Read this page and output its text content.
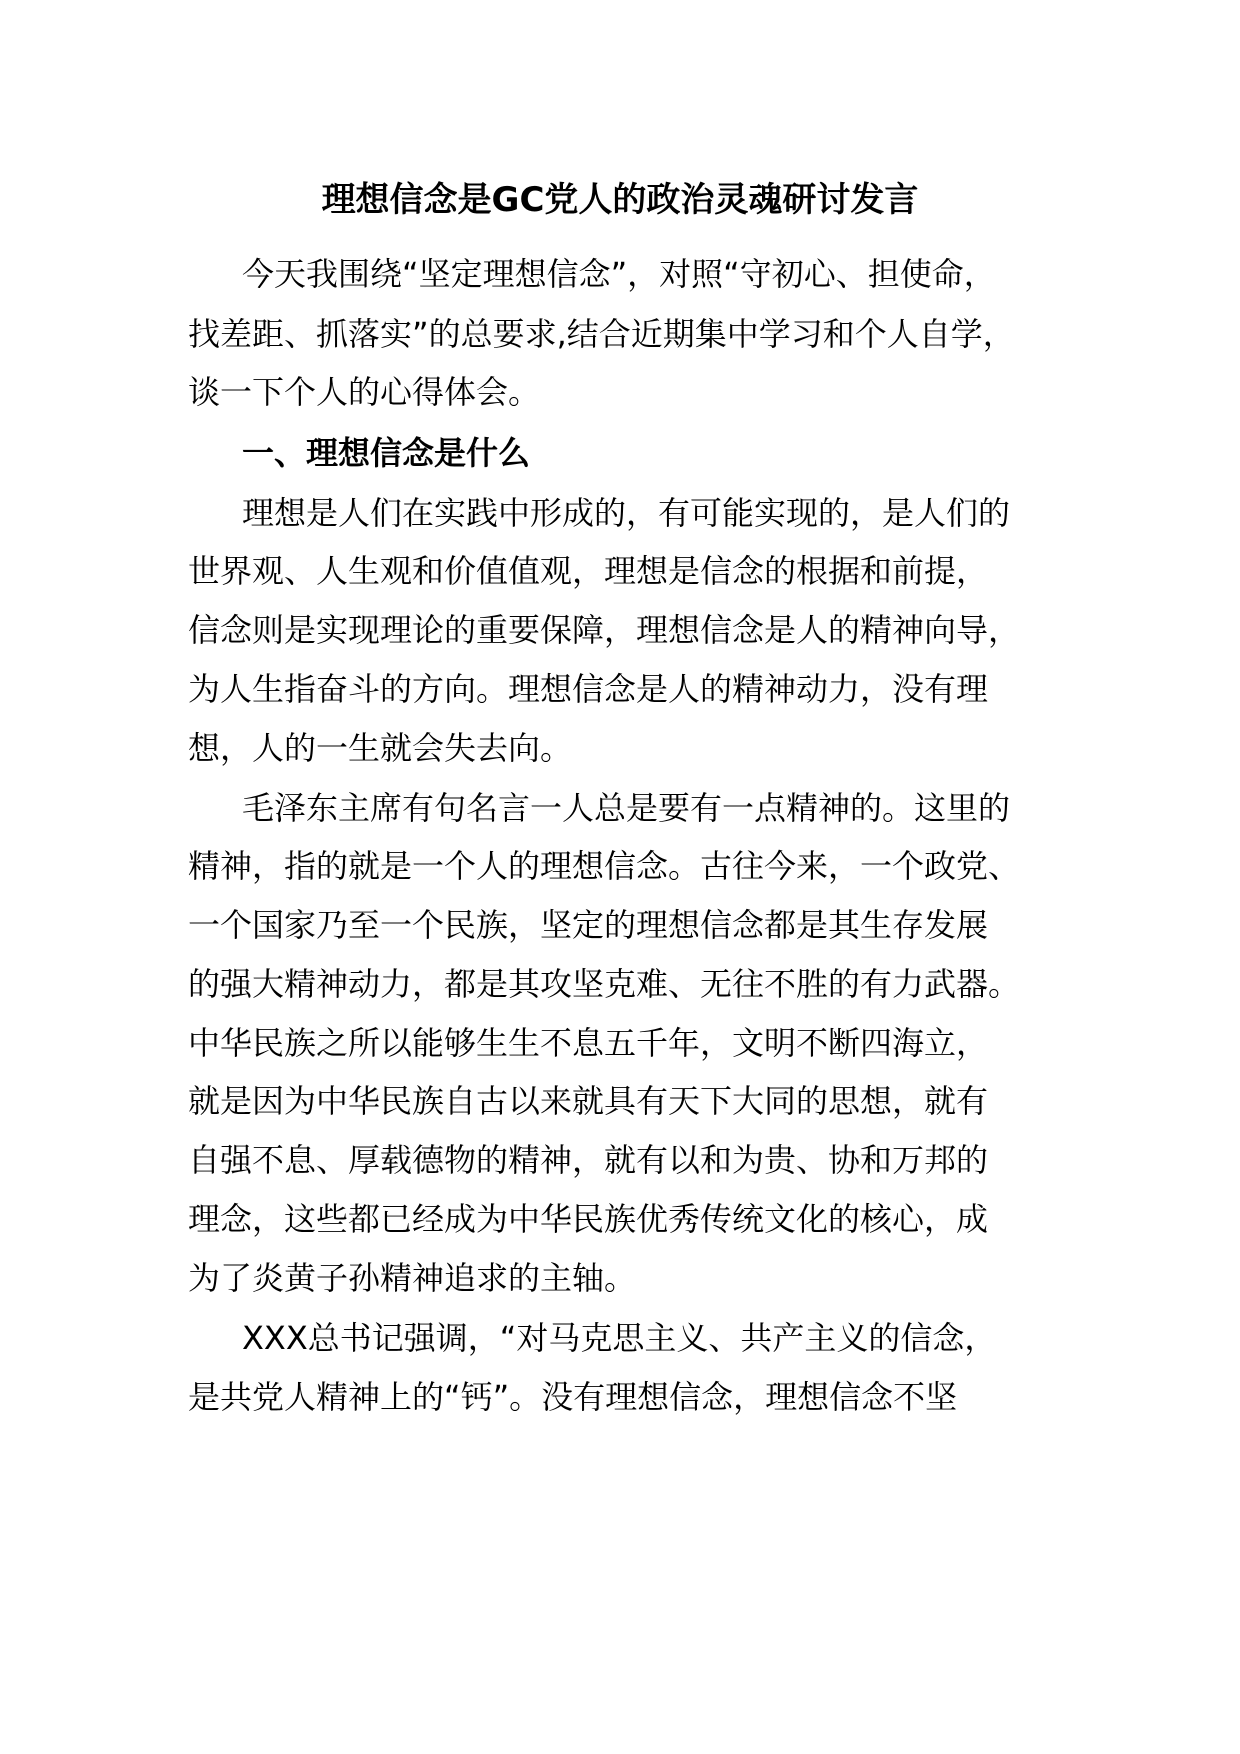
理想信念是GC党人的政治灵魂研讨发言
今天我围绕“坚定理想信念”，对照“守初心、担使命，
找差距、抓落实”的总要求,结合近期集中学习和个人自学，
谈一下个人的心得体会。
一、理想信念是什么
理想是人们在实践中形成的，有可能实现的，是人们的
世界观、人生观和价值值观，理想是信念的根据和前提，
信念则是实现理论的重要保障，理想信念是人的精神向导，
为人生指奋斗的方向。理想信念是人的精神动力，没有理
想，人的一生就会失去向。
毛泽东主席有句名言一人总是要有一点精神的。这里的
精神，指的就是一个人的理想信念。古往今来，一个政党、
一个国家乃至一个民族，坚定的理想信念都是其生存发展
的强大精神动力，都是其攻坚克难、无往不胜的有力武器。
中华民族之所以能够生生不息五千年，文明不断四海立，
就是因为中华民族自古以来就具有天下大同的思想，就有
自强不息、厚载德物的精神，就有以和为贵、协和万邦的
理念，这些都已经成为中华民族优秀传统文化的核心，成
为了炎黄子孙精神追求的主轴。
XXX总书记强调，“对马克思主义、共产主义的信念，
是共党人精神上的“钙”。没有理想信念，理想信念不坚
